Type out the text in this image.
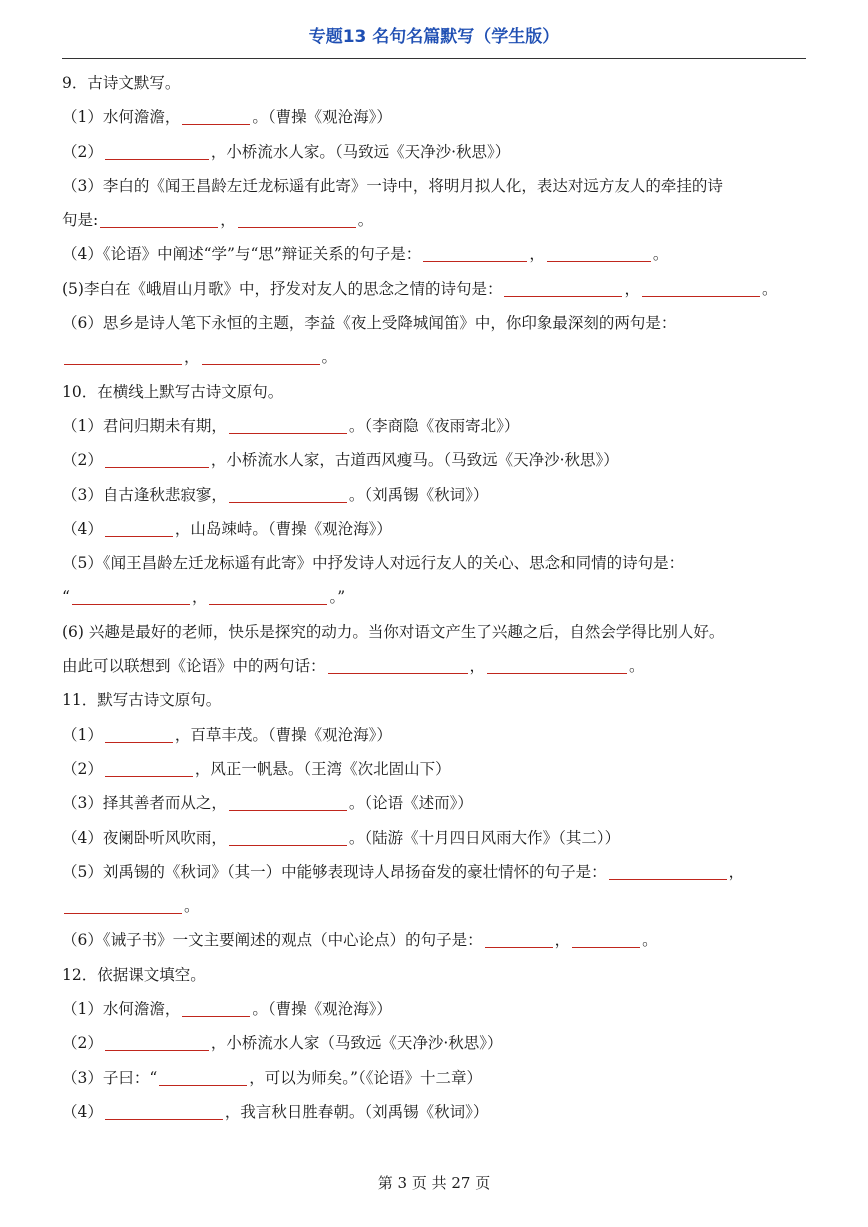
专题13 名句名篇默写（学生版）
9．古诗文默写。
（1）水何澹澹，	。（曹操《观沧海》）
（2）	，小桥流水人家。（马致远《天净沙·秋思》）
（3）李白的《闻王昌龄左迁龙标遥有此寄》一诗中，将明月拟人化，表达对远方友人的牵挂的诗
句是:	，	。
（4）《论语》中阐述“学”与“思”辩证关系的句子是：	，	。
(5)李白在《峨眉山月歌》中，抒发对友人的思念之情的诗句是：	，	。
（6）思乡是诗人笔下永恒的主题，李益《夜上受降城闻笛》中，你印象最深刻的两句是：
，	。
10．在横线上默写古诗文原句。
（1）君问归期未有期，	。（李商隐《夜雨寄北》）
（2）	，小桥流水人家，古道西风瘦马。（马致远《天净沙·秋思》）
（3）自古逢秋悲寂寥，	。（刘禹锡《秋词》）
（4）	，山岛竦峙。（曹操《观沧海》）
（5）《闻王昌龄左迁龙标遥有此寄》中抒发诗人对远行友人的关心、思念和同情的诗句是：
“	，	。”
(6) 兴趣是最好的老师，快乐是探究的动力。当你对语文产生了兴趣之后，自然会学得比别人好。
由此可以联想到《论语》中的两句话：	，	。
11．默写古诗文原句。
（1）	，百草丰茂。（曹操《观沧海》）
（2）	，风正一帆悬。（王湾《次北固山下）
（3）择其善者而从之，	。（论语《述而》）
（4）夜阑卧听风吹雨，	。（陆游《十月四日风雨大作》（其二））
（5）刘禹锡的《秋词》（其一）中能够表现诗人昂扬奋发的豪壮情怀的句子是：	，
。
（6）《诫子书》一文主要阐述的观点（中心论点）的句子是：	，	。
12．依据课文填空。
（1）水何澹澹，	。（曹操《观沧海》）
（2）	，小桥流水人家（马致远《天净沙·秋思》）
（3）子曰：“	，可以为师矣。”（《论语》十二章）
（4）	，我言秋日胜春朝。（刘禹锡《秋词》）
第 3 页 共 27 页
